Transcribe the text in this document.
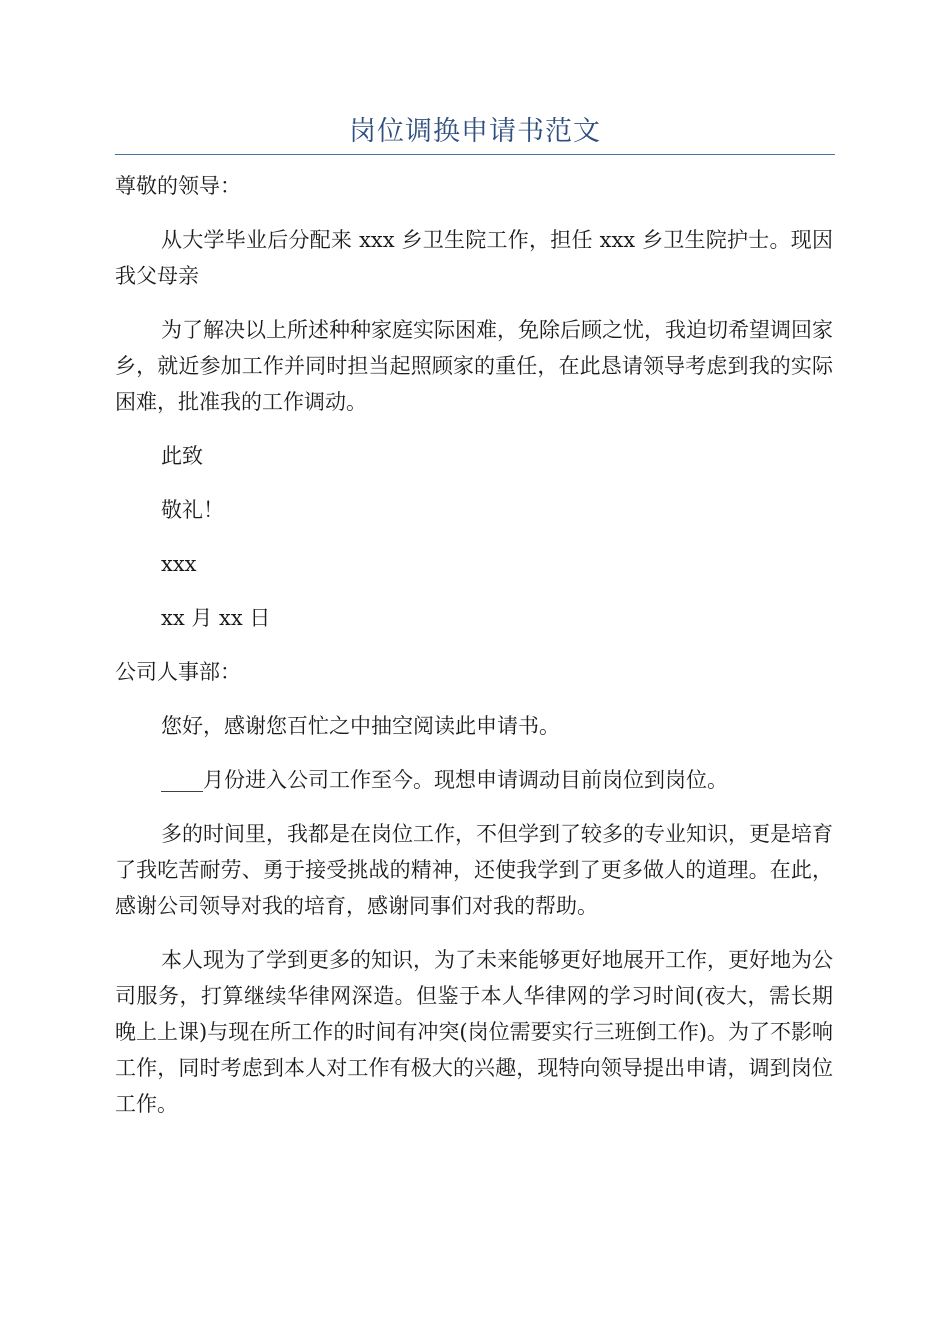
岗位调换申请书范文

尊敬的领导：

从大学毕业后分配来 xxx 乡卫生院工作，担任 xxx 乡卫生院护士。现因我父母亲

为了解决以上所述种种家庭实际困难，免除后顾之忧，我迫切希望调回家乡，就近参加工作并同时担当起照顾家的重任，在此恳请领导考虑到我的实际困难，批准我的工作调动。

此致

敬礼！

xxx

xx 月 xx 日

公司人事部：

您好，感谢您百忙之中抽空阅读此申请书。

____月份进入公司工作至今。现想申请调动目前岗位到岗位。

多的时间里，我都是在岗位工作，不但学到了较多的专业知识，更是培育了我吃苦耐劳、勇于接受挑战的精神，还使我学到了更多做人的道理。在此，感谢公司领导对我的培育，感谢同事们对我的帮助。

本人现为了学到更多的知识，为了未来能够更好地展开工作，更好地为公司服务，打算继续华律网深造。但鉴于本人华律网的学习时间(夜大，需长期晚上上课)与现在所工作的时间有冲突(岗位需要实行三班倒工作)。为了不影响工作，同时考虑到本人对工作有极大的兴趣，现特向领导提出申请，调到岗位工作。
